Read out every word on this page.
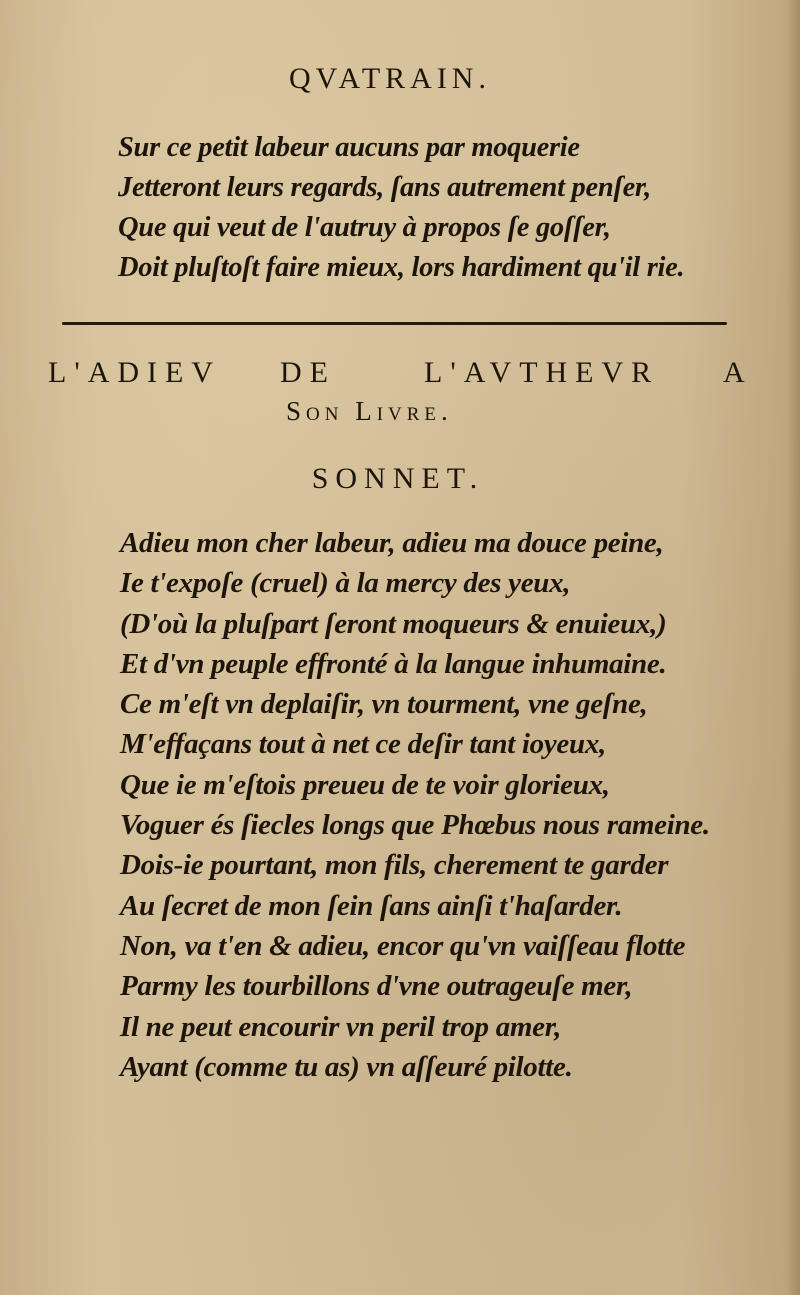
QVATRAIN.
Sur ce petit labeur aucuns par moquerie
Jetteront leurs regards, ſans autrement penſer,
Que qui veut de l'autruy à propos ſe goſſer,
Doit pluſtoſt faire mieux, lors hardiment qu'il rie.
L'ADIEV DE	L'AVTHEVR A
Son Livre.
SONNET.
Adieu mon cher labeur, adieu ma douce peine,
Ie t'expoſe (cruel) à la mercy des yeux,
(D'où la pluſpart ſeront moqueurs & enuieux,)
Et d'vn peuple effronté à la langue inhumaine.
Ce m'eſt vn deplaiſir, vn tourment, vne geſne,
M'effaçans tout à net ce deſir tant ioyeux,
Que ie m'eſtois preueu de te voir glorieux,
Voguer és ſiecles longs que Phœbus nous rameine.
Dois-ie pourtant, mon fils, cherement te garder
Au ſecret de mon ſein ſans ainſi t'haſarder.
Non, va t'en & adieu, encor qu'vn vaiſſeau flotte
Parmy les tourbillons d'vne outrageuſe mer,
Il ne peut encourir vn peril trop amer,
Ayant (comme tu as) vn aſſeuré pilotte.
